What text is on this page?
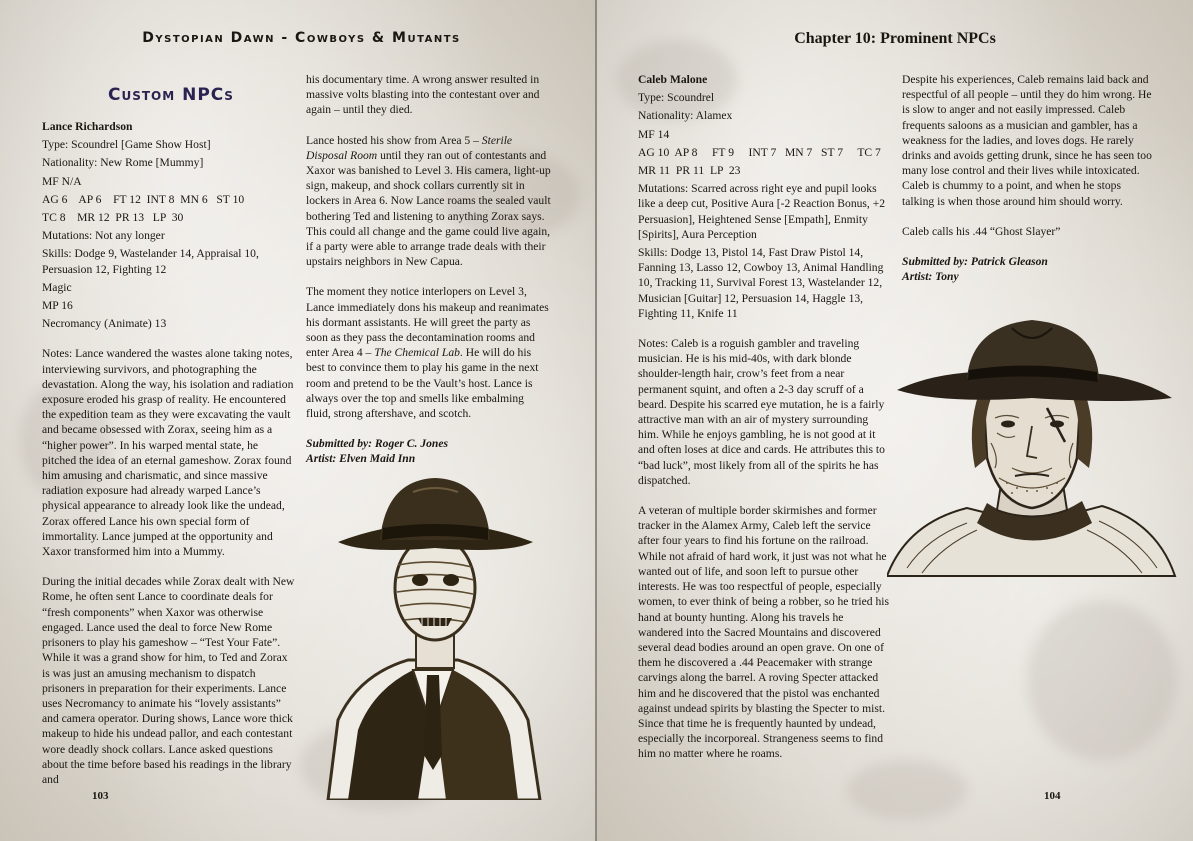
Dystopian Dawn - Cowboys & Mutants
Custom NPCs

Lance Richardson

Type: Scoundrel [Game Show Host]

Nationality: New Rome [Mummy]

MF N/A

AG 6    AP 6    FT 12  INT 8  MN 6   ST 10

TC 8    MR 12  PR 13   LP  30

Mutations: Not any longer

Skills: Dodge 9, Wastelander 14, Appraisal 10, Persuasion 12, Fighting 12

Magic

MP 16

Necromancy (Animate) 13

Notes: Lance wandered the wastes alone taking notes, interviewing survivors, and photographing the devastation. Along the way, his isolation and radiation exposure eroded his grasp of reality. He encountered the expedition team as they were excavating the vault and became obsessed with Zorax, seeing him as a “higher power”. In his warped mental state, he pitched the idea of an eternal gameshow. Zorax found him amusing and charismatic, and since massive radiation exposure had already warped Lance’s physical appearance to already look like the undead, Zorax offered Lance his own special form of immortality. Lance jumped at the opportunity and Xaxor transformed him into a Mummy.

During the initial decades while Zorax dealt with New Rome, he often sent Lance to coordinate deals for “fresh components” when Xaxor was otherwise engaged. Lance used the deal to force New Rome prisoners to play his gameshow – “Test Your Fate”. While it was a grand show for him, to Ted and Zorax is was just an amusing mechanism to dispatch prisoners in preparation for their experiments. Lance uses Necromancy to animate his “lovely assistants” and camera operator. During shows, Lance wore thick makeup to hide his undead pallor, and each contestant wore deadly shock collars. Lance asked questions about the time before based his readings in the library and

his documentary time. A wrong answer resulted in massive volts blasting into the contestant over and again – until they died.

Lance hosted his show from Area 5 – Sterile Disposal Room until they ran out of contestants and Xaxor was banished to Level 3. His camera, light-up sign, makeup, and shock collars currently sit in lockers in Area 6. Now Lance roams the sealed vault bothering Ted and listening to anything Zorax says. This could all change and the game could live again, if a party were able to arrange trade deals with their upstairs neighbors in New Capua.

The moment they notice interlopers on Level 3, Lance immediately dons his makeup and reanimates his dormant assistants. He will greet the party as soon as they pass the decontamination rooms and enter Area 4 – The Chemical Lab. He will do his best to convince them to play his game in the next room and pretend to be the Vault’s host. Lance is always over the top and smells like embalming fluid, strong aftershave, and scotch.

Submitted by: Roger C. Jones

Artist: Elven Maid Inn

103
Chapter 10: Prominent NPCs

Caleb Malone

Type: Scoundrel

Nationality: Alamex

MF 14

AG 10  AP 8     FT 9     INT 7   MN 7   ST 7     TC 7

MR 11  PR 11  LP  23

Mutations: Scarred across right eye and pupil looks like a deep cut, Positive Aura [-2 Reaction Bonus, +2 Persuasion], Heightened Sense [Empath], Enmity [Spirits], Aura Perception

Skills: Dodge 13, Pistol 14, Fast Draw Pistol 14, Fanning 13, Lasso 12, Cowboy 13, Animal Handling 10, Tracking 11, Survival Forest 13, Wastelander 12, Musician [Guitar] 12, Persuasion 14, Haggle 13, Fighting 11, Knife 11

Notes: Caleb is a roguish gambler and traveling musician. He is his mid-40s, with dark blonde shoulder-length hair, crow’s feet from a near permanent squint, and often a 2-3 day scruff of a beard. Despite his scarred eye mutation, he is a fairly attractive man with an air of mystery surrounding him. While he enjoys gambling, he is not good at it and often loses at dice and cards. He attributes this to “bad luck”, most likely from all of the spirits he has dispatched.

A veteran of multiple border skirmishes and former tracker in the Alamex Army, Caleb left the service after four years to find his fortune on the railroad. While not afraid of hard work, it just was not what he wanted out of life, and soon left to pursue other interests. He was too respectful of people, especially women, to ever think of being a robber, so he tried his hand at bounty hunting. Along his travels he wandered into the Sacred Mountains and discovered several dead bodies around an open grave. On one of them he discovered a .44 Peacemaker with strange carvings along the barrel. A roving Specter attacked him and he discovered that the pistol was enchanted against undead spirits by blasting the Specter to mist. Since that time he is frequently haunted by undead, especially the incorporeal. Strangeness seems to find him no matter where he roams.

Despite his experiences, Caleb remains laid back and respectful of all people – until they do him wrong. He is slow to anger and not easily impressed. Caleb frequents saloons as a musician and gambler, has a weakness for the ladies, and loves dogs. He rarely drinks and avoids getting drunk, since he has seen too many lose control and their lives while intoxicated. Caleb is chummy to a point, and when he stops talking is when those around him should worry.

Caleb calls his .44 “Ghost Slayer”

Submitted by: Patrick Gleason

Artist: Tony

104
